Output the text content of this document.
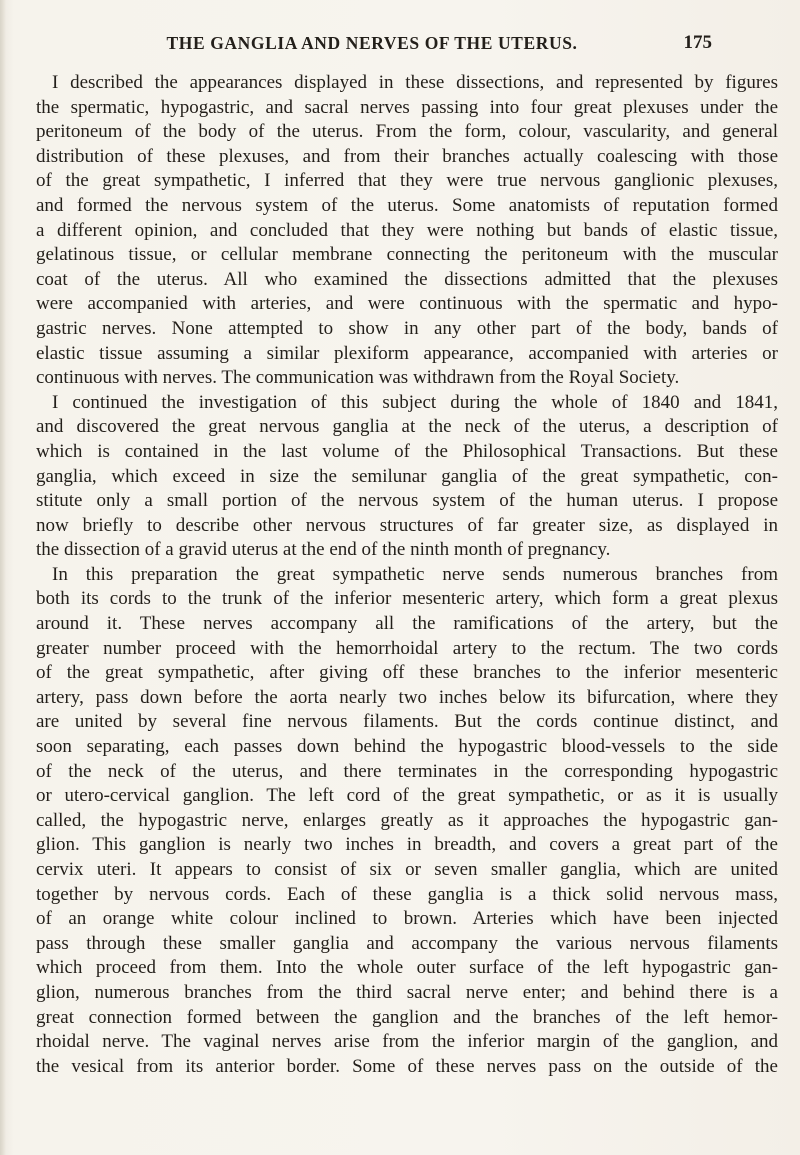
THE GANGLIA AND NERVES OF THE UTERUS.	175
I described the appearances displayed in these dissections, and represented by figures
the spermatic, hypogastric, and sacral nerves passing into four great plexuses under the
peritoneum of the body of the uterus. From the form, colour, vascularity, and general
distribution of these plexuses, and from their branches actually coalescing with those
of the great sympathetic, I inferred that they were true nervous ganglionic plexuses,
and formed the nervous system of the uterus. Some anatomists of reputation formed
a different opinion, and concluded that they were nothing but bands of elastic tissue,
gelatinous tissue, or cellular membrane connecting the peritoneum with the muscular
coat of the uterus. All who examined the dissections admitted that the plexuses
were accompanied with arteries, and were continuous with the spermatic and hypo-
gastric nerves. None attempted to show in any other part of the body, bands of
elastic tissue assuming a similar plexiform appearance, accompanied with arteries or
continuous with nerves. The communication was withdrawn from the Royal Society.
I continued the investigation of this subject during the whole of 1840 and 1841,
and discovered the great nervous ganglia at the neck of the uterus, a description of
which is contained in the last volume of the Philosophical Transactions. But these
ganglia, which exceed in size the semilunar ganglia of the great sympathetic, con-
stitute only a small portion of the nervous system of the human uterus. I propose
now briefly to describe other nervous structures of far greater size, as displayed in
the dissection of a gravid uterus at the end of the ninth month of pregnancy.
In this preparation the great sympathetic nerve sends numerous branches from
both its cords to the trunk of the inferior mesenteric artery, which form a great plexus
around it. These nerves accompany all the ramifications of the artery, but the
greater number proceed with the hemorrhoidal artery to the rectum. The two cords
of the great sympathetic, after giving off these branches to the inferior mesenteric
artery, pass down before the aorta nearly two inches below its bifurcation, where they
are united by several fine nervous filaments. But the cords continue distinct, and
soon separating, each passes down behind the hypogastric blood-vessels to the side
of the neck of the uterus, and there terminates in the corresponding hypogastric
or utero-cervical ganglion. The left cord of the great sympathetic, or as it is usually
called, the hypogastric nerve, enlarges greatly as it approaches the hypogastric gan-
glion. This ganglion is nearly two inches in breadth, and covers a great part of the
cervix uteri. It appears to consist of six or seven smaller ganglia, which are united
together by nervous cords. Each of these ganglia is a thick solid nervous mass,
of an orange white colour inclined to brown. Arteries which have been injected
pass through these smaller ganglia and accompany the various nervous filaments
which proceed from them. Into the whole outer surface of the left hypogastric gan-
glion, numerous branches from the third sacral nerve enter; and behind there is a
great connection formed between the ganglion and the branches of the left hemor-
rhoidal nerve. The vaginal nerves arise from the inferior margin of the ganglion, and
the vesical from its anterior border. Some of these nerves pass on the outside of the
